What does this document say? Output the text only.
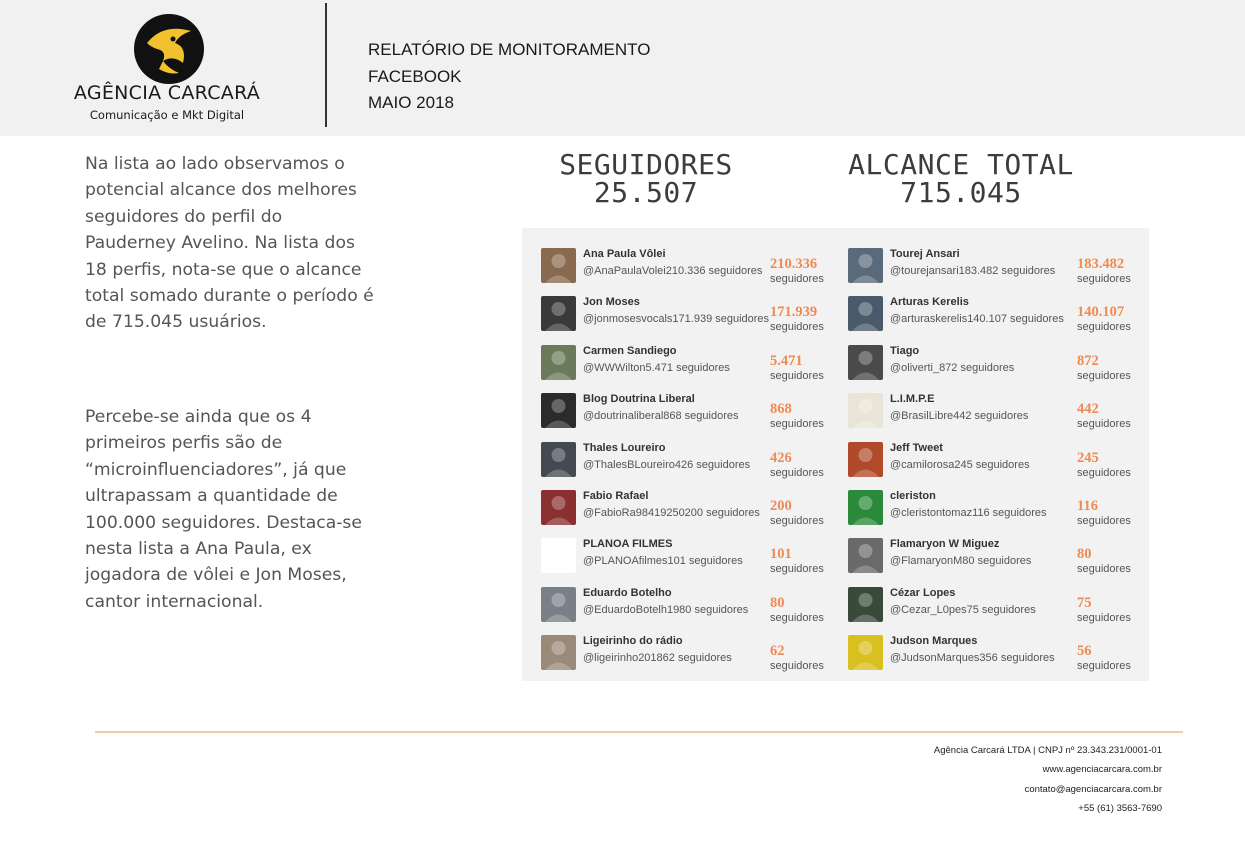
AGÊNCIA CARCARÁ
Comunicação e Mkt Digital
RELATÓRIO DE MONITORAMENTO
FACEBOOK
MAIO 2018
Na lista ao lado observamos o potencial alcance dos melhores seguidores do perfil do Pauderney Avelino. Na lista dos 18 perfis, nota-se que o alcance total somado durante o período é de 715.045 usuários.
Percebe-se ainda que os 4 primeiros perfis são de “microinfluenciadores”, já que ultrapassam a quantidade de 100.000 seguidores. Destaca-se nesta lista a Ana Paula, ex jogadora de vôlei e Jon Moses, cantor internacional.
SEGUIDORES
25.507
ALCANCE TOTAL
715.045
Ana Paula Vôlei
@AnaPaulaVolei210.336 seguidores 210.336
seguidores
Jon Moses
@jonmosesvocals171.939 seguidores 171.939
seguidores
Carmen Sandiego
@WWWilton5.471 seguidores	5.471
seguidores
Blog Doutrina Liberal
@doutrinaliberal868 seguidores 868
seguidores
Thales Loureiro
@ThalesBLoureiro426 seguidores 426
seguidores
Fabio Rafael
@FabioRa98419250200 seguidores 200
seguidores
PLANOA FILMES
@PLANOAfilmes101 seguidores 101
seguidores
Eduardo Botelho
@EduardoBotelh1980 seguidores 80
seguidores
Ligeirinho do rádio
@ligeirinho201862 seguidores	62
seguidores
Tourej Ansari
@tourejansari183.482 seguidores 183.482
seguidores
Arturas Kerelis
@arturaskerelis140.107 seguidores 140.107
seguidores
Tiago
@oliverti_872 seguidores	872
seguidores
L.I.M.P.E
@BrasilLibre442 seguidores	442
seguidores
Jeff Tweet
@camilorosa245 seguidores	245
seguidores
cleriston
@cleristontomaz116 seguidores 116
seguidores
Flamaryon W Miguez
@FlamaryonM80 seguidores	80
seguidores
Cézar Lopes
@Cezar_L0pes75 seguidores	75
seguidores
Judson Marques
@JudsonMarques356 seguidores 56
seguidores
Agência Carcará LTDA | CNPJ nº 23.343.231/0001-01
www.agenciacarcara.com.br
contato@agenciacarcara.com.br
+55 (61) 3563-7690
